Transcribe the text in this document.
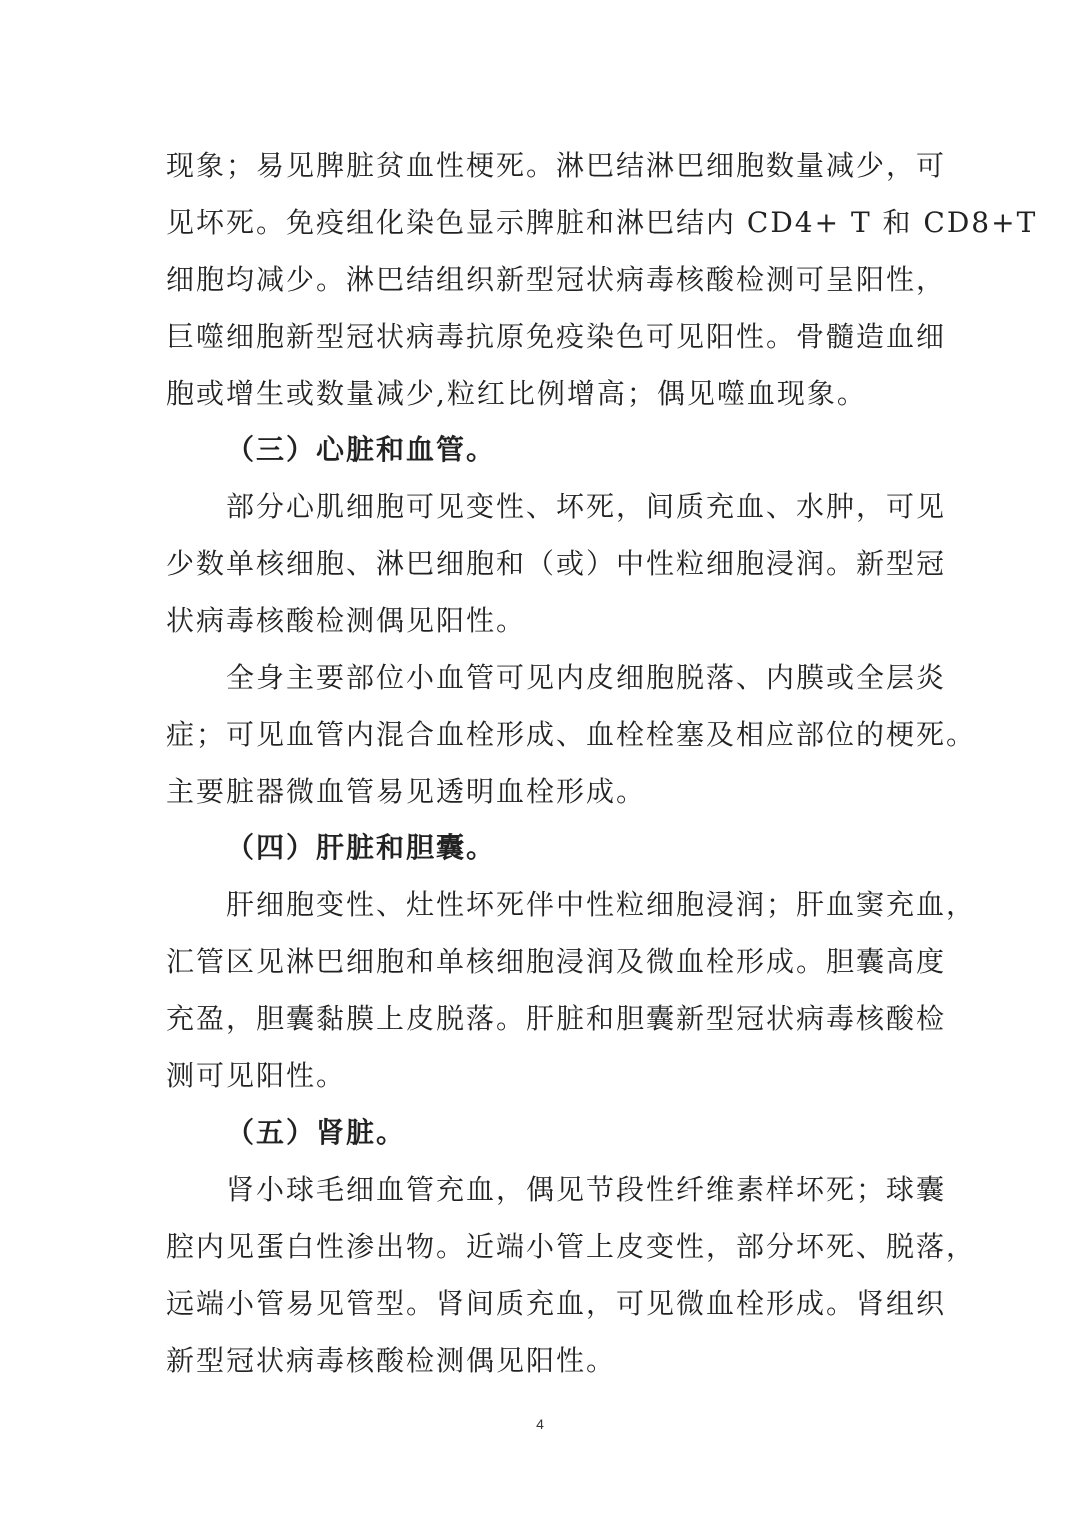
现象；易见脾脏贫血性梗死。淋巴结淋巴细胞数量减少，可
见坏死。免疫组化染色显示脾脏和淋巴结内 CD4+ T 和 CD8+T
细胞均减少。淋巴结组织新型冠状病毒核酸检测可呈阳性，
巨噬细胞新型冠状病毒抗原免疫染色可见阳性。骨髓造血细
胞或增生或数量减少,粒红比例增高；偶见噬血现象。
（三）心脏和血管。
部分心肌细胞可见变性、坏死，间质充血、水肿，可见
少数单核细胞、淋巴细胞和（或）中性粒细胞浸润。新型冠
状病毒核酸检测偶见阳性。
全身主要部位小血管可见内皮细胞脱落、内膜或全层炎
症；可见血管内混合血栓形成、血栓栓塞及相应部位的梗死。
主要脏器微血管易见透明血栓形成。
（四）肝脏和胆囊。
肝细胞变性、灶性坏死伴中性粒细胞浸润；肝血窦充血，
汇管区见淋巴细胞和单核细胞浸润及微血栓形成。胆囊高度
充盈，胆囊黏膜上皮脱落。肝脏和胆囊新型冠状病毒核酸检
测可见阳性。
（五）肾脏。
肾小球毛细血管充血，偶见节段性纤维素样坏死；球囊
腔内见蛋白性渗出物。近端小管上皮变性，部分坏死、脱落，
远端小管易见管型。肾间质充血，可见微血栓形成。肾组织
新型冠状病毒核酸检测偶见阳性。
4
